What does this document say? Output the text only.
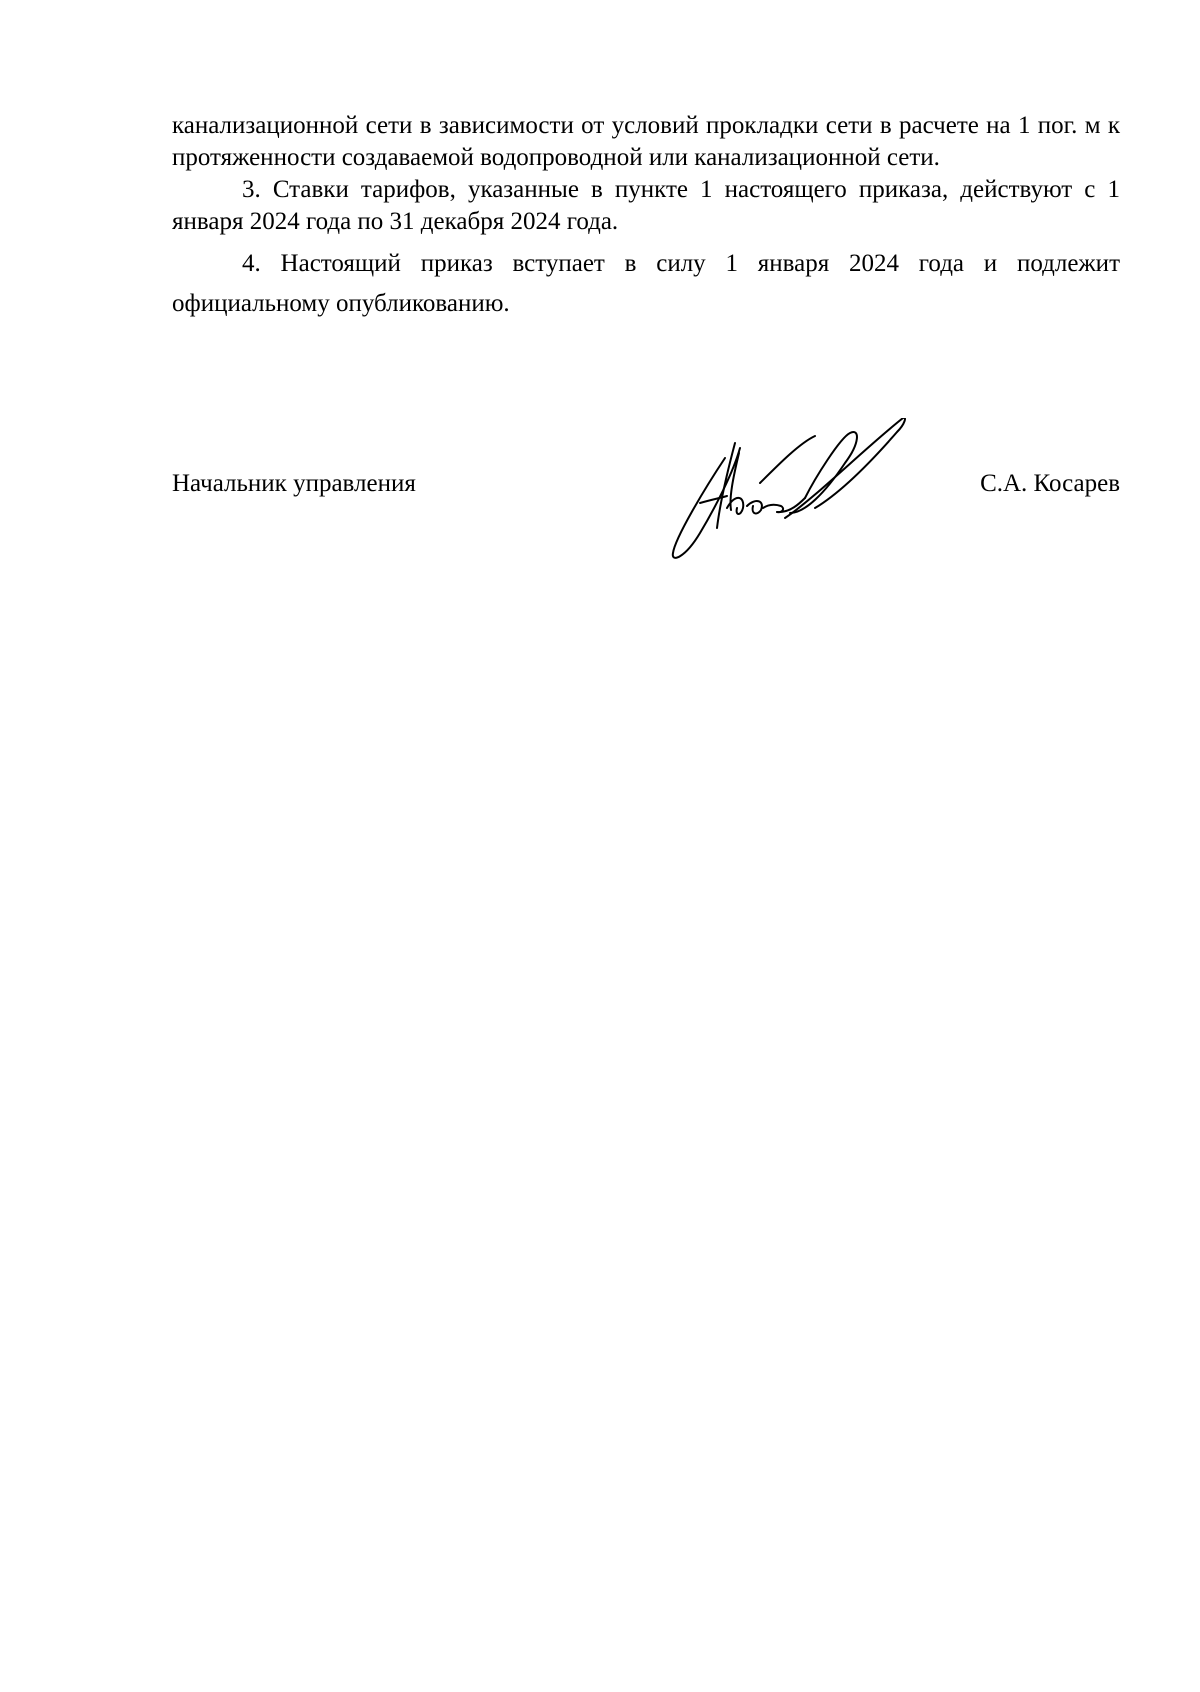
канализационной сети в зависимости от условий прокладки сети в расчете на 1 пог. м к протяженности создаваемой водопроводной или канализационной сети.

3. Ставки тарифов, указанные в пункте 1 настоящего приказа, действуют с 1 января 2024 года по 31 декабря 2024 года.

4. Настоящий приказ вступает в силу 1 января 2024 года и подлежит официальному опубликованию.

Начальник управления	С.А. Косарев
